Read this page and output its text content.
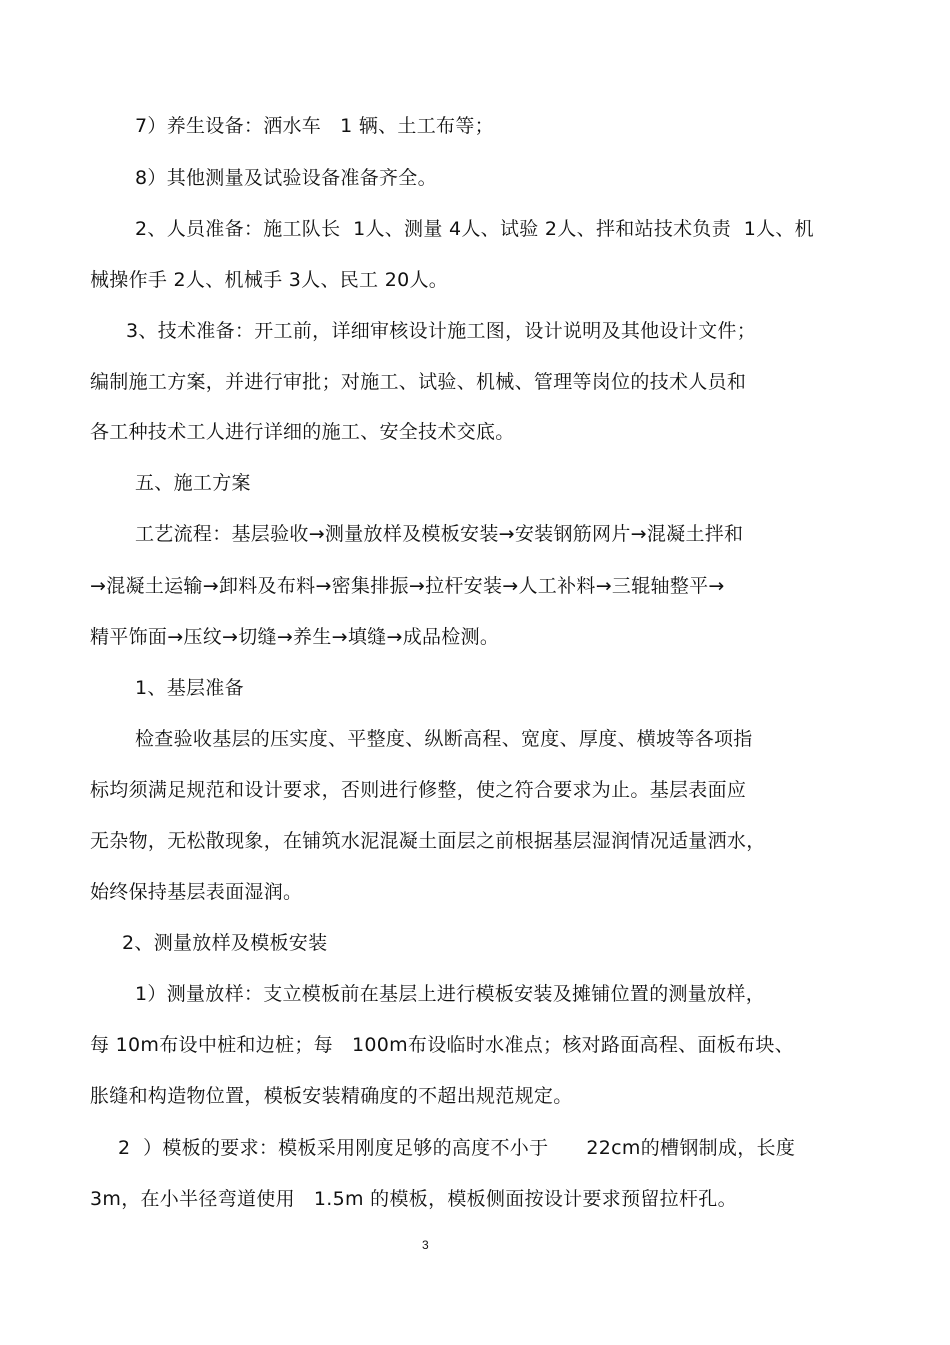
7）养生设备：洒水车   1 辆、土工布等；
8）其他测量及试验设备准备齐全。
2、人员准备：施工队长  1人、测量 4人、试验 2人、拌和站技术负责  1人、机
械操作手 2人、机械手 3人、民工 20人。
3、技术准备：开工前，详细审核设计施工图，设计说明及其他设计文件；
编制施工方案，并进行审批；对施工、试验、机械、管理等岗位的技术人员和
各工种技术工人进行详细的施工、安全技术交底。
五、施工方案
工艺流程：基层验收→测量放样及模板安装→安装钢筋网片→混凝土拌和
→混凝土运输→卸料及布料→密集排振→拉杆安装→人工补料→三辊轴整平→
精平饰面→压纹→切缝→养生→填缝→成品检测。
1、基层准备
检查验收基层的压实度、平整度、纵断高程、宽度、厚度、横坡等各项指
标均须满足规范和设计要求，否则进行修整，使之符合要求为止。基层表面应
无杂物，无松散现象，在铺筑水泥混凝土面层之前根据基层湿润情况适量洒水，
始终保持基层表面湿润。
2、测量放样及模板安装
1）测量放样：支立模板前在基层上进行模板安装及摊铺位置的测量放样，
每 10m布设中桩和边桩；每   100m布设临时水准点；核对路面高程、面板布块、
胀缝和构造物位置，模板安装精确度的不超出规范规定。
2  ）模板的要求：模板采用刚度足够的高度不小于      22cm的槽钢制成，长度
3m，在小半径弯道使用   1.5m 的模板，模板侧面按设计要求预留拉杆孔。
3
